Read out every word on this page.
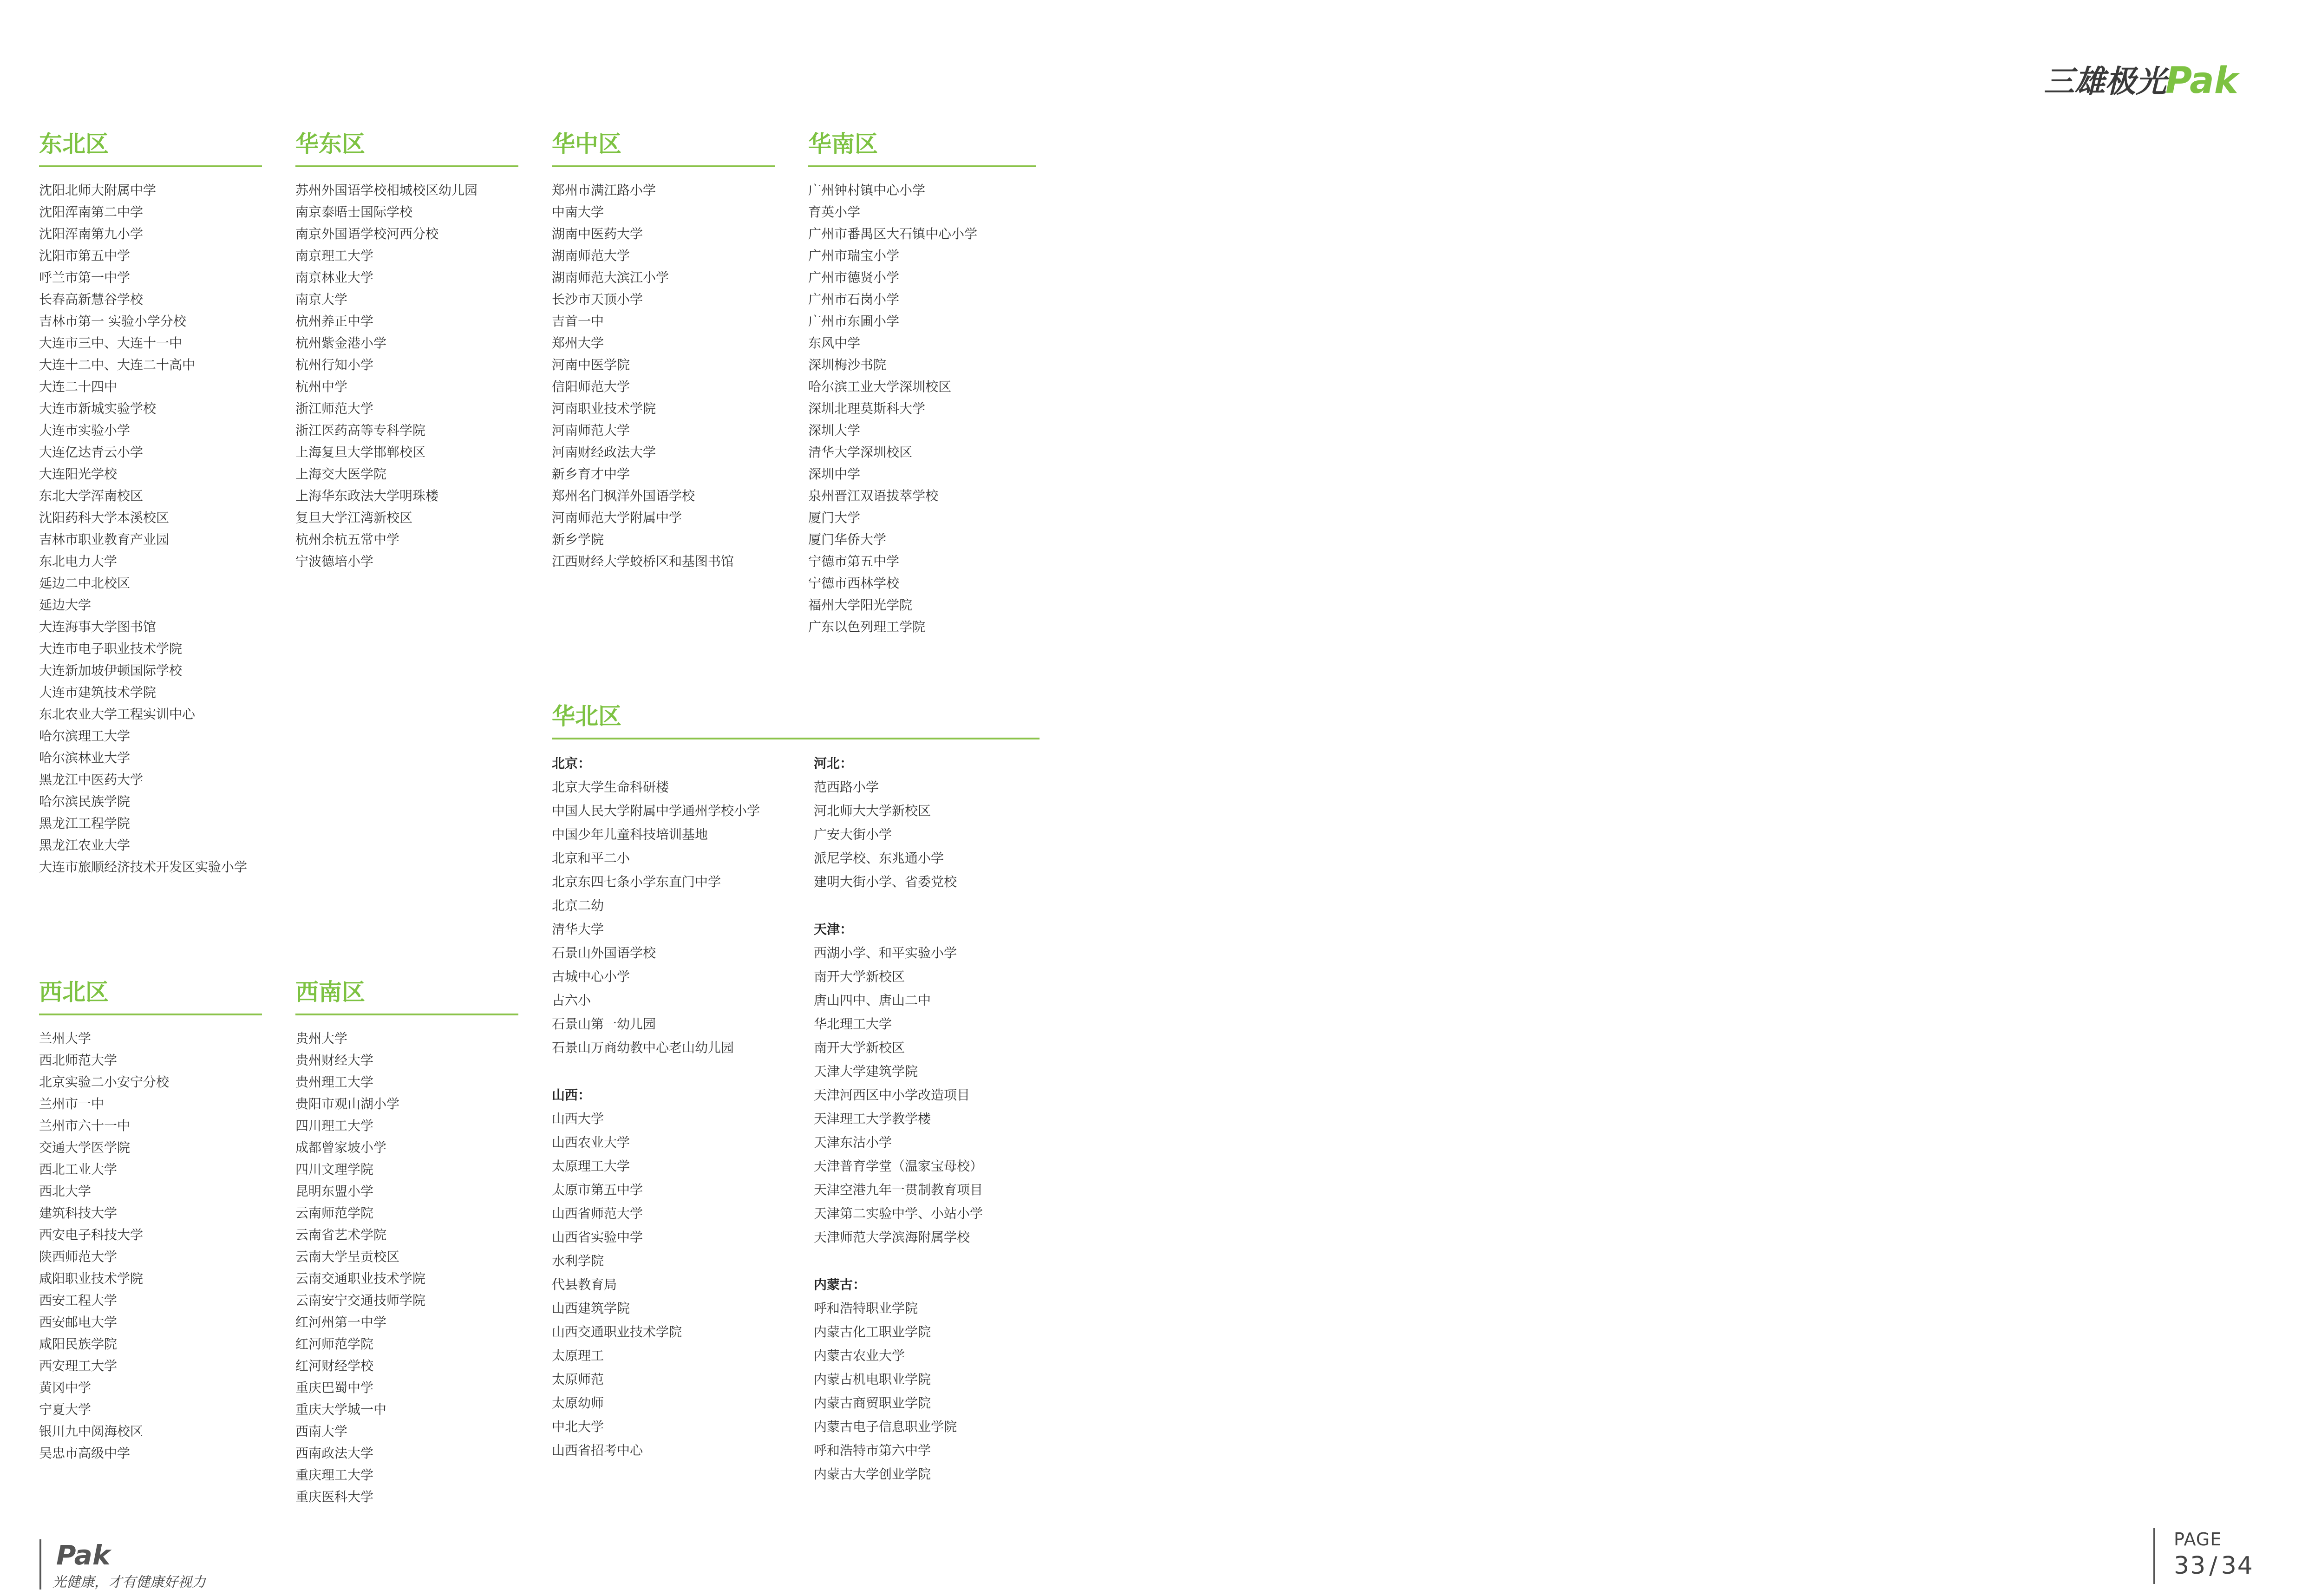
三雄极光
Pak
东北区
沈阳北师大附属中学
沈阳浑南第二中学
沈阳浑南第九小学
沈阳市第五中学
呼兰市第一中学
长春高新慧谷学校
吉林市第一 实验小学分校
大连市三中、大连十一中
大连十二中、大连二十高中
大连二十四中
大连市新城实验学校
大连市实验小学
大连亿达青云小学
大连阳光学校
东北大学浑南校区
沈阳药科大学本溪校区
吉林市职业教育产业园
东北电力大学
延边二中北校区
延边大学
大连海事大学图书馆
大连市电子职业技术学院
大连新加坡伊顿国际学校
大连市建筑技术学院
东北农业大学工程实训中心
哈尔滨理工大学
哈尔滨林业大学
黑龙江中医药大学
哈尔滨民族学院
黑龙江工程学院
黑龙江农业大学
大连市旅顺经济技术开发区实验小学
华东区
苏州外国语学校相城校区幼儿园
南京泰晤士国际学校
南京外国语学校河西分校
南京理工大学
南京林业大学
南京大学
杭州养正中学
杭州紫金港小学
杭州行知小学
杭州中学
浙江师范大学
浙江医药高等专科学院
上海复旦大学邯郸校区
上海交大医学院
上海华东政法大学明珠楼
复旦大学江湾新校区
杭州余杭五常中学
宁波德培小学
华中区
郑州市满江路小学
中南大学
湖南中医药大学
湖南师范大学
湖南师范大滨江小学
长沙市天顶小学
吉首一中
郑州大学
河南中医学院
信阳师范大学
河南职业技术学院
河南师范大学
河南财经政法大学
新乡育才中学
郑州名门枫洋外国语学校
河南师范大学附属中学
新乡学院
江西财经大学蛟桥区和基图书馆
华南区
广州钟村镇中心小学
育英小学
广州市番禺区大石镇中心小学
广州市瑞宝小学
广州市德贤小学
广州市石岗小学
广州市东圃小学
东风中学
深圳梅沙书院
哈尔滨工业大学深圳校区
深圳北理莫斯科大学
深圳大学
清华大学深圳校区
深圳中学
泉州晋江双语拔萃学校
厦门大学
厦门华侨大学
宁德市第五中学
宁德市西林学校
福州大学阳光学院
广东以色列理工学院
华北区

北京：

北京大学生命科研楼
中国人民大学附属中学通州学校小学
中国少年儿童科技培训基地
北京和平二小
北京东四七条小学东直门中学
北京二幼
清华大学
石景山外国语学校
古城中心小学
古六小
石景山第一幼儿园
石景山万商幼教中心老山幼儿园

山西：

山西大学
山西农业大学
太原理工大学
太原市第五中学
山西省师范大学
山西省实验中学
水利学院
代县教育局
山西建筑学院
山西交通职业技术学院
太原理工
太原师范
太原幼师
中北大学
山西省招考中心

河北：

范西路小学
河北师大大学新校区
广安大街小学
派尼学校、东兆通小学
建明大街小学、省委党校

天津：

西湖小学、和平实验小学
南开大学新校区
唐山四中、唐山二中
华北理工大学
南开大学新校区
天津大学建筑学院
天津河西区中小学改造项目
天津理工大学教学楼
天津东沽小学
天津普育学堂（温家宝母校）
天津空港九年一贯制教育项目
天津第二实验中学、小站小学
天津师范大学滨海附属学校

内蒙古：

呼和浩特职业学院
内蒙古化工职业学院
内蒙古农业大学
内蒙古机电职业学院
内蒙古商贸职业学院
内蒙古电子信息职业学院
呼和浩特市第六中学
内蒙古大学创业学院
西北区
兰州大学
西北师范大学
北京实验二小安宁分校
兰州市一中
兰州市六十一中
交通大学医学院
西北工业大学
西北大学
建筑科技大学
西安电子科技大学
陕西师范大学
咸阳职业技术学院
西安工程大学
西安邮电大学
咸阳民族学院
西安理工大学
黄冈中学
宁夏大学
银川九中阅海校区
吴忠市高级中学
西南区
贵州大学
贵州财经大学
贵州理工大学
贵阳市观山湖小学
四川理工大学
成都曾家坡小学
四川文理学院
昆明东盟小学
云南师范学院
云南省艺术学院
云南大学呈贡校区
云南交通职业技术学院
云南安宁交通技师学院
红河州第一中学
红河师范学院
红河财经学校
重庆巴蜀中学
重庆大学城一中
西南大学
西南政法大学
重庆理工大学
重庆医科大学
Pak
光健康，才有健康好视力
PAGE
33 / 34
